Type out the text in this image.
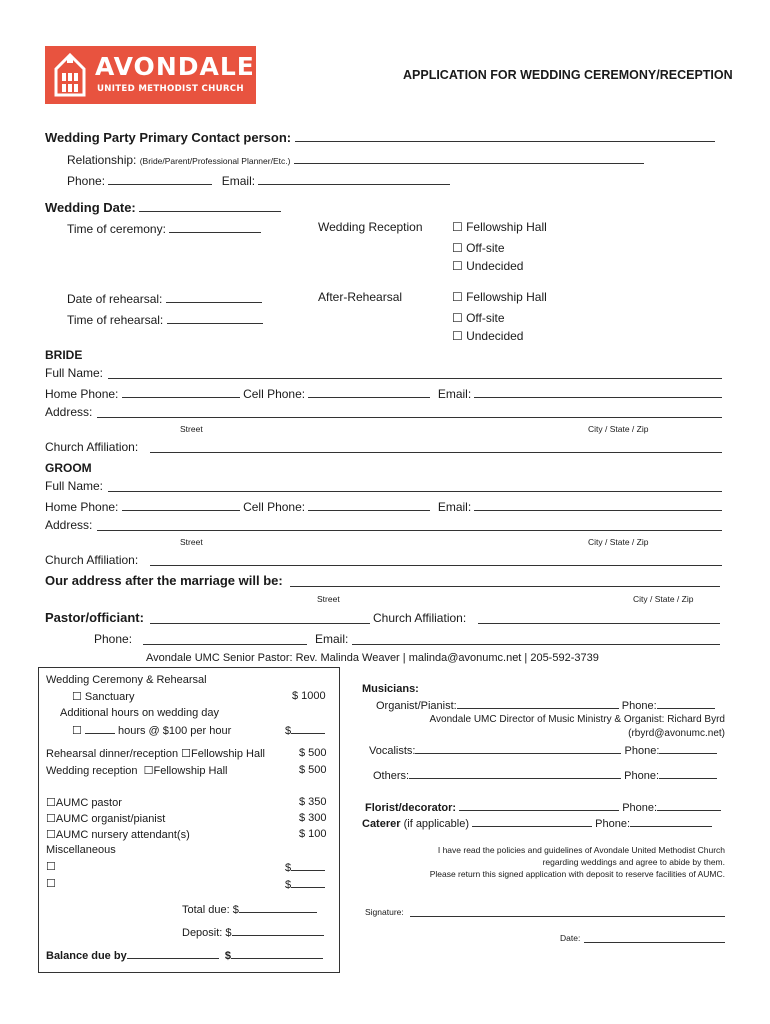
AVONDALE
UNITED METHODIST CHURCH
APPLICATION FOR WEDDING CEREMONY/RECEPTION
Wedding Party Primary Contact person:
Relationship: (Bride/Parent/Professional Planner/Etc.)
Phone:	Email:
Wedding Date:
Time of ceremony:	Wedding Reception ☐ Fellowship Hall
☐ Off-site
☐ Undecided
Date of rehearsal:	After-Rehearsal	☐ Fellowship Hall
Time of rehearsal:	☐ Off-site
☐ Undecided
BRIDE
Full Name:
Home Phone:	Cell Phone:	Email:
Address:
Street	City / State / Zip
Church Affiliation:
GROOM
Full Name:
Home Phone:	Cell Phone:	Email:
Address:
Street	City / State / Zip
Church Affiliation:
Our address after the marriage will be:
Street	City / State / Zip
Pastor/officiant:	Church Affiliation:
Phone:	Email:
Avondale UMC Senior Pastor: Rev. Malinda Weaver | malinda@avonumc.net | 205-592-3739
Wedding Ceremony & Rehearsal
☐ Sanctuary	$ 1000
Additional hours on wedding day
☐	hours @ $100 per hour	$
Rehearsal dinner/reception ☐Fellowship Hall	$ 500
Wedding reception ☐Fellowship Hall	$ 500
☐AUMC pastor	$ 350
☐AUMC organist/pianist	$ 300
☐AUMC nursery attendant(s)	$ 100
Miscellaneous
☐	$
☐	$
Total due: $
Deposit: $
Balance due by	$
Musicians:
Organist/Pianist:	Phone:
Avondale UMC Director of Music Ministry & Organist: Richard Byrd
(rbyrd@avonumc.net)
Vocalists:	Phone:
Others:	Phone:
Florist/decorator:	Phone:
Caterer (if applicable)	Phone:
I have read the policies and guidelines of Avondale United Methodist Church
regarding weddings and agree to abide by them.
Please return this signed application with deposit to reserve facilities of AUMC.
Signature:
Date:
